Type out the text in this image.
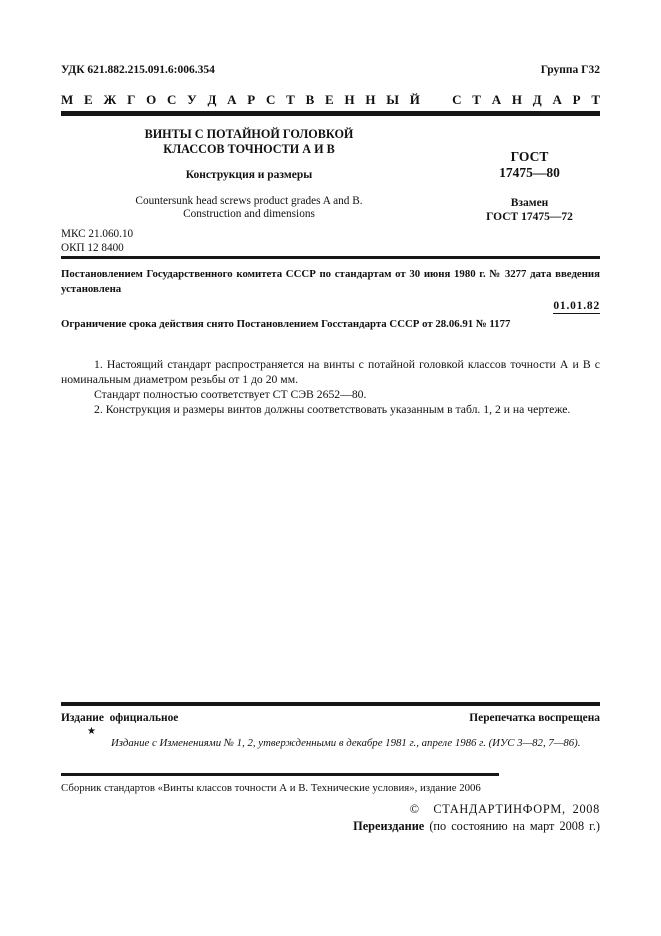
УДК 621.882.215.091.6:006.354	Группа Г32
М Е Ж Г О С У Д А Р С Т В Е Н Н Ы Й   С Т А Н Д А Р Т
ВИНТЫ С ПОТАЙНОЙ ГОЛОВКОЙ
КЛАССОВ ТОЧНОСТИ А И В
Конструкция и размеры
Countersunk head screws product grades A and B.
Construction and dimensions
ГОСТ
17475—80
Взамен
ГОСТ 17475—72
МКС 21.060.10
ОКП 12 8400
Постановлением Государственного комитета СССР по стандартам от 30 июня 1980 г. № 3277 дата введения установлена
01.01.82
Ограничение срока действия снято Постановлением Госстандарта СССР от 28.06.91 № 1177

1. Настоящий стандарт распространяется на винты с потайной головкой классов точности А и В с номинальным диаметром резьбы от 1 до 20 мм.

Стандарт полностью соответствует СТ СЭВ 2652—80.

2. Конструкция и размеры винтов должны соответствовать указанным в табл. 1, 2 и на чертеже.

Издание  официальное	Перепечатка воспрещена
★
Издание с Изменениями № 1, 2, утвержденными в декабре 1981 г., апреле 1986 г. (ИУС 3—82, 7—86).
Сборник стандартов «Винты классов точности А и В. Технические условия», издание 2006
©  СТАНДАРТИНФОРМ, 2008
Переиздание (по состоянию на март 2008 г.)
